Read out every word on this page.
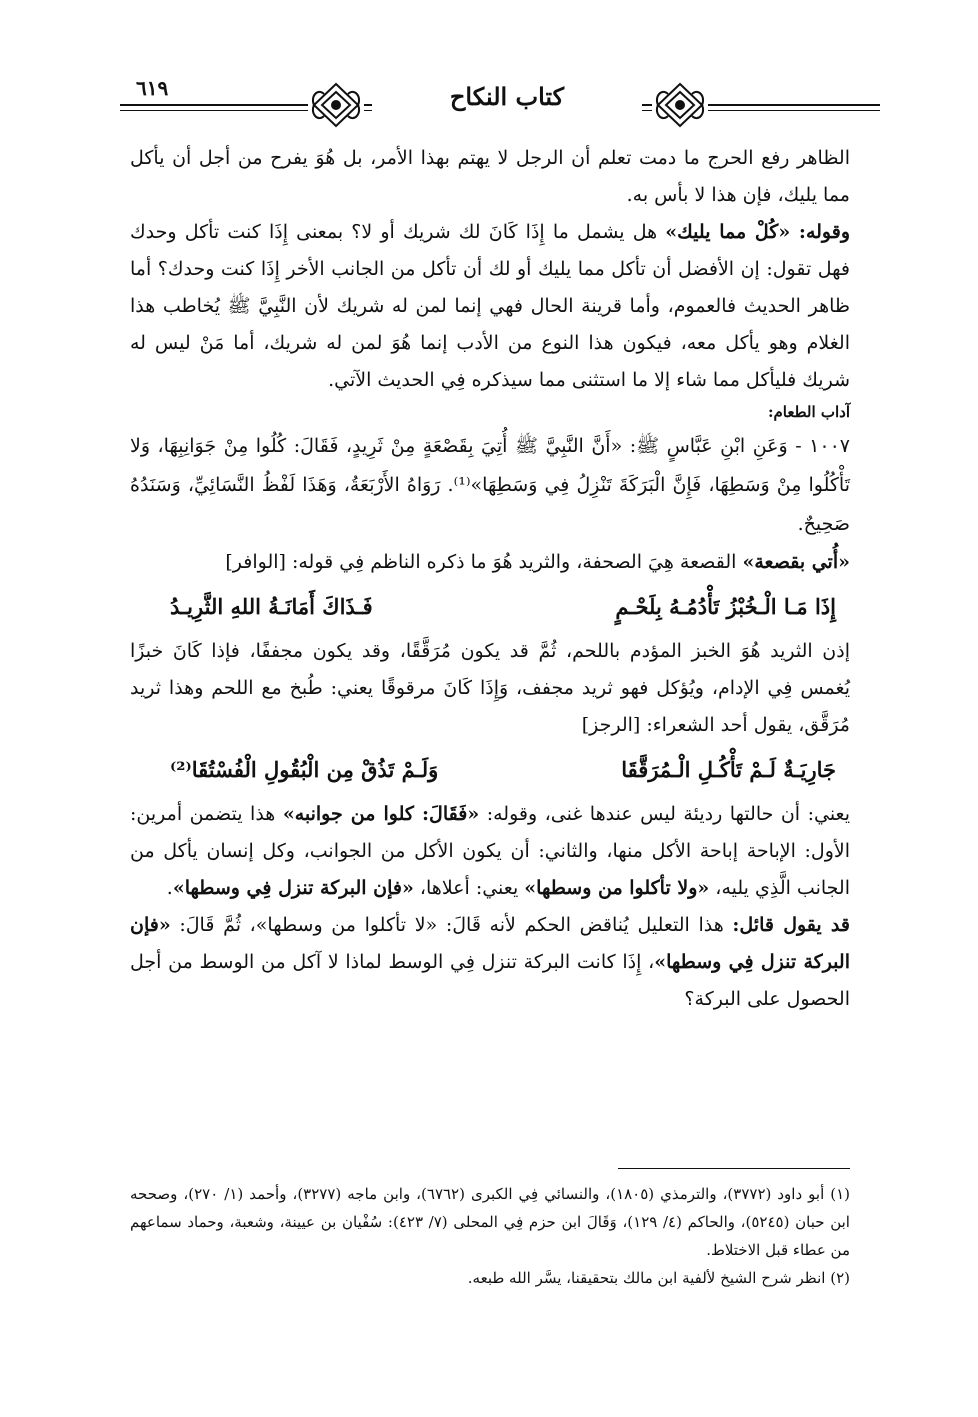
٦١٩	كتاب النكاح

الظاهر رفع الحرج ما دمت تعلم أن الرجل لا يهتم بهذا الأمر، بل هُوَ يفرح من أجل أن يأكل مما يليك، فإن هذا لا بأس به.

وقوله: «كُلْ مما يليك» هل يشمل ما إِذَا كَانَ لك شريك أو لا؟ بمعنى إِذَا كنت تأكل وحدك فهل تقول: إن الأفضل أن تأكل مما يليك أو لك أن تأكل من الجانب الأخر إِذَا كنت وحدك؟ أما ظاهر الحديث فالعموم، وأما قرينة الحال فهي إنما لمن له شريك لأن النَّبِيَّ ﷺ يُخاطب هذا الغلام وهو يأكل معه، فيكون هذا النوع من الأدب إنما هُوَ لمن له شريك، أما مَنْ ليس له شريك فليأكل مما شاء إلا ما استثنى مما سيذكره فِي الحديث الآتي.

آداب الطعام:

١٠٠٧ - وَعَنِ ابْنِ عَبَّاسٍ ﷺ: «أَنَّ النَّبِيَّ ﷺ أُتِيَ بِقَصْعَةٍ مِنْ ثَرِيدٍ، فَقَالَ: كُلُوا مِنْ جَوَانِبِهَا، وَلا تَأْكُلُوا مِنْ وَسَطِهَا، فَإِنَّ الْبَرَكَةَ تَنْزِلُ فِي وَسَطِهَا»⁽¹⁾. رَوَاهُ الأَرْبَعَةُ، وَهَذَا لَفْظُ النَّسَائِيِّ، وَسَنَدُهُ صَحِيحٌ.

«أُتي بقصعة» القصعة هِيَ الصحفة، والثريد هُوَ ما ذكره الناظم فِي قوله: [الوافر]

إِذَا مَـا الْـخُبْزُ تَأْدُمُـهُ بِلَحْـمٍ
فَـذَاكَ أَمَانَـةُ اللهِ الثَّرِيـدُ

إذن الثريد هُوَ الخبز المؤدم باللحم، ثُمَّ قد يكون مُرَقَّقًا، وقد يكون مجففًا، فإذا كَانَ خبزًا يُغمس فِي الإدام، ويُؤكل فهو ثريد مجفف، وَإِذَا كَانَ مرقوقًا يعني: طُبخ مع اللحم وهذا ثريد مُرَقَّق، يقول أحد الشعراء: [الرجز]

جَارِيَـةٌ لَـمْ تَأْكُـلِ الْـمُرَقَّقَا
وَلَـمْ تَذُقْ مِن الْبُقُولِ الْفُسْتُقَا⁽²⁾

يعني: أن حالتها رديئة ليس عندها غنى، وقوله: «فَقَالَ: كلوا من جوانبه» هذا يتضمن أمرين: الأول: الإباحة إباحة الأكل منها، والثاني: أن يكون الأكل من الجوانب، وكل إنسان يأكل من الجانب الَّذِي يليه، «ولا تأكلوا من وسطها» يعني: أعلاها، «فإن البركة تنزل فِي وسطها».

قد يقول قائل: هذا التعليل يُناقض الحكم لأنه قَالَ: «لا تأكلوا من وسطها»، ثُمَّ قَالَ: «فإن البركة تنزل فِي وسطها»، إِذَا كانت البركة تنزل فِي الوسط لماذا لا آكل من الوسط من أجل الحصول على البركة؟

(١) أبو داود (٣٧٧٢)، والترمذي (١٨٠٥)، والنسائي فِي الكبرى (٦٧٦٢)، وابن ماجه (٣٢٧٧)، وأحمد (١/ ٢٧٠)، وصححه ابن حبان (٥٢٤٥)، والحاكم (٤/ ١٢٩)، وَقَالَ ابن حزم فِي المحلى (٧/ ٤٢٣): سُفْيان بن عيينة، وشعبة، وحماد سماعهم من عطاء قبل الاختلاط.

(٢) انظر شرح الشيخ لألفية ابن مالك بتحقيقنا، يسَّر الله طبعه.
